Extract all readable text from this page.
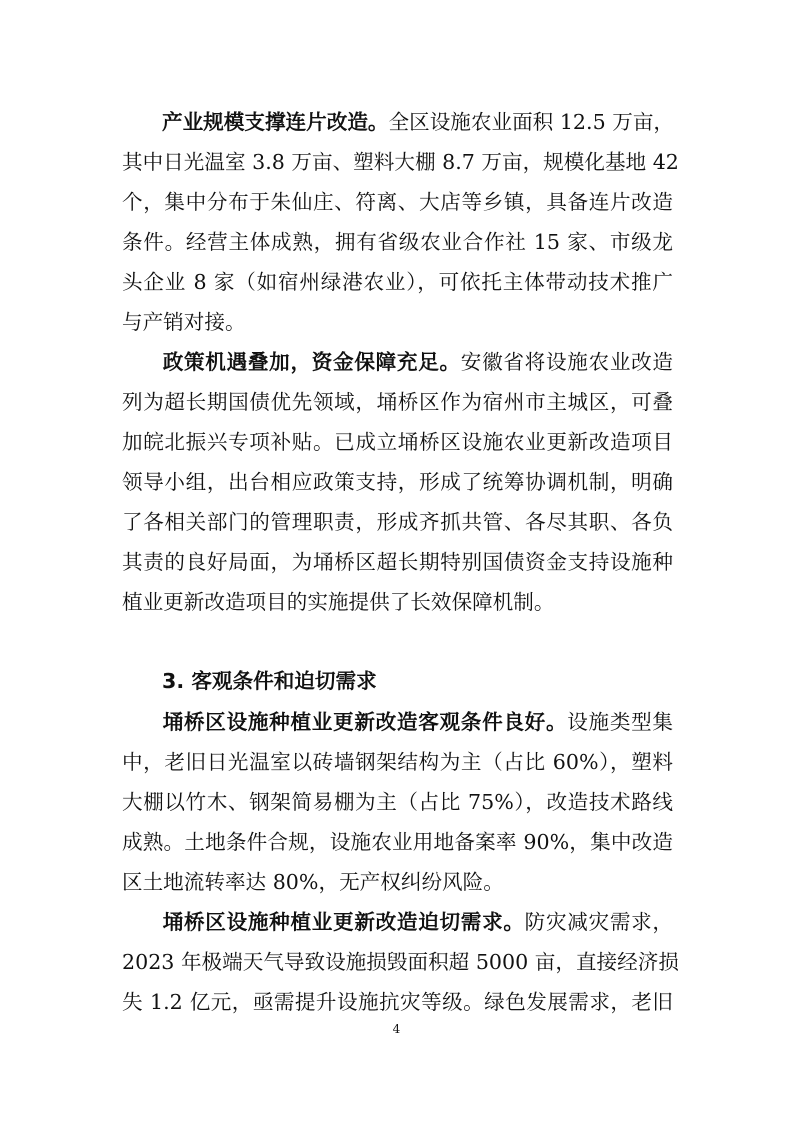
产业规模支撑连片改造。全区设施农业面积 12.5 万亩，
其中日光温室 3.8 万亩、塑料大棚 8.7 万亩，规模化基地 42
个，集中分布于朱仙庄、符离、大店等乡镇，具备连片改造
条件。经营主体成熟，拥有省级农业合作社 15 家、市级龙
头企业 8 家（如宿州绿港农业），可依托主体带动技术推广
与产销对接。
政策机遇叠加，资金保障充足。安徽省将设施农业改造
列为超长期国债优先领域，埇桥区作为宿州市主城区，可叠
加皖北振兴专项补贴。已成立埇桥区设施农业更新改造项目
领导小组，出台相应政策支持，形成了统筹协调机制，明确
了各相关部门的管理职责，形成齐抓共管、各尽其职、各负
其责的良好局面，为埇桥区超长期特别国债资金支持设施种
植业更新改造项目的实施提供了长效保障机制。
3. 客观条件和迫切需求
埇桥区设施种植业更新改造客观条件良好。设施类型集
中，老旧日光温室以砖墙钢架结构为主（占比 60%），塑料
大棚以竹木、钢架简易棚为主（占比 75%），改造技术路线
成熟。土地条件合规，设施农业用地备案率 90%，集中改造
区土地流转率达 80%，无产权纠纷风险。
埇桥区设施种植业更新改造迫切需求。防灾减灾需求，
2023 年极端天气导致设施损毁面积超 5000 亩，直接经济损
失 1.2 亿元，亟需提升设施抗灾等级。绿色发展需求，老旧
4
